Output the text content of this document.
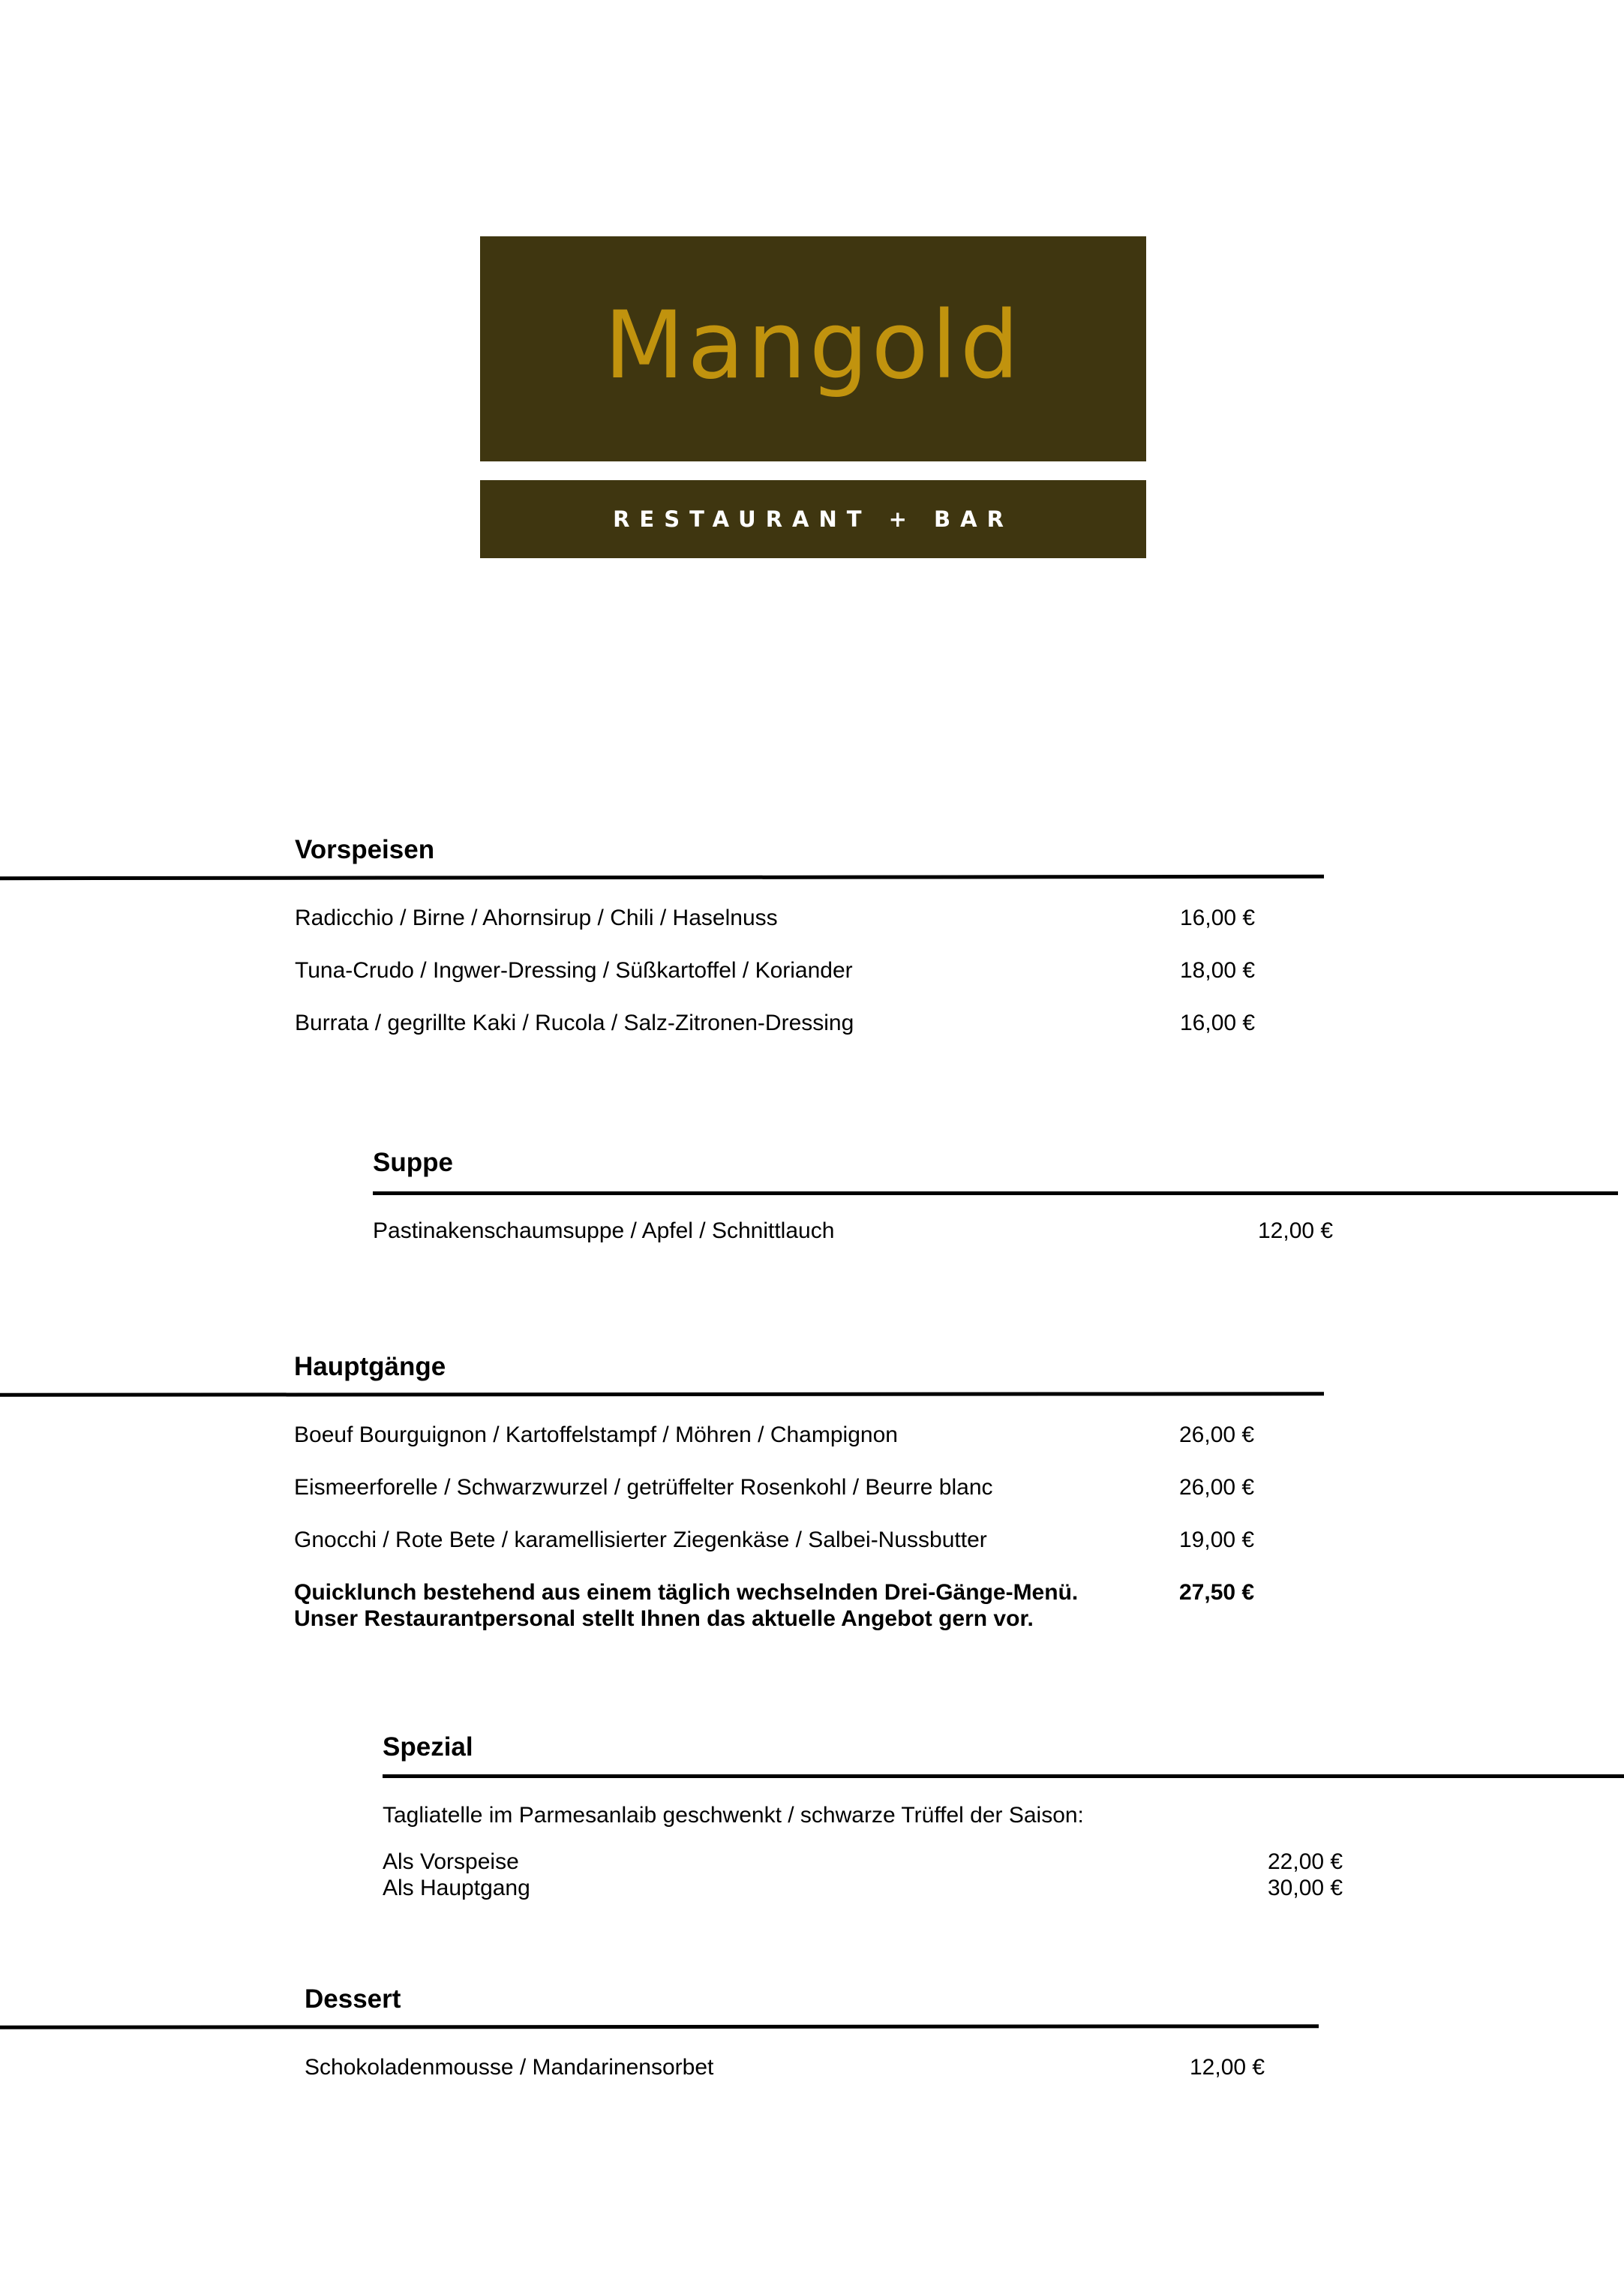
Mangold
RESTAURANT + BAR
Vorspeisen
Radicchio / Birne / Ahornsirup / Chili / Haselnuss	16,00 €
Tuna-Crudo / Ingwer-Dressing / Süßkartoffel / Koriander	18,00 €
Burrata / gegrillte Kaki / Rucola / Salz-Zitronen-Dressing	16,00 €
Suppe
Pastinakenschaumsuppe / Apfel / Schnittlauch	12,00 €
Hauptgänge
Boeuf Bourguignon / Kartoffelstampf / Möhren / Champignon	26,00 €
Eismeerforelle / Schwarzwurzel / getrüffelter Rosenkohl / Beurre blanc	26,00 €
Gnocchi / Rote Bete / karamellisierter Ziegenkäse / Salbei-Nussbutter	19,00 €
Quicklunch bestehend aus einem täglich wechselnden Drei-Gänge-Menü.
Unser Restaurantpersonal stellt Ihnen das aktuelle Angebot gern vor.
27,50 €
Spezial
Tagliatelle im Parmesanlaib geschwenkt / schwarze Trüffel der Saison:
Als Vorspeise	22,00 €
Als Hauptgang	30,00 €
Dessert
Schokoladenmousse / Mandarinensorbet	12,00 €
